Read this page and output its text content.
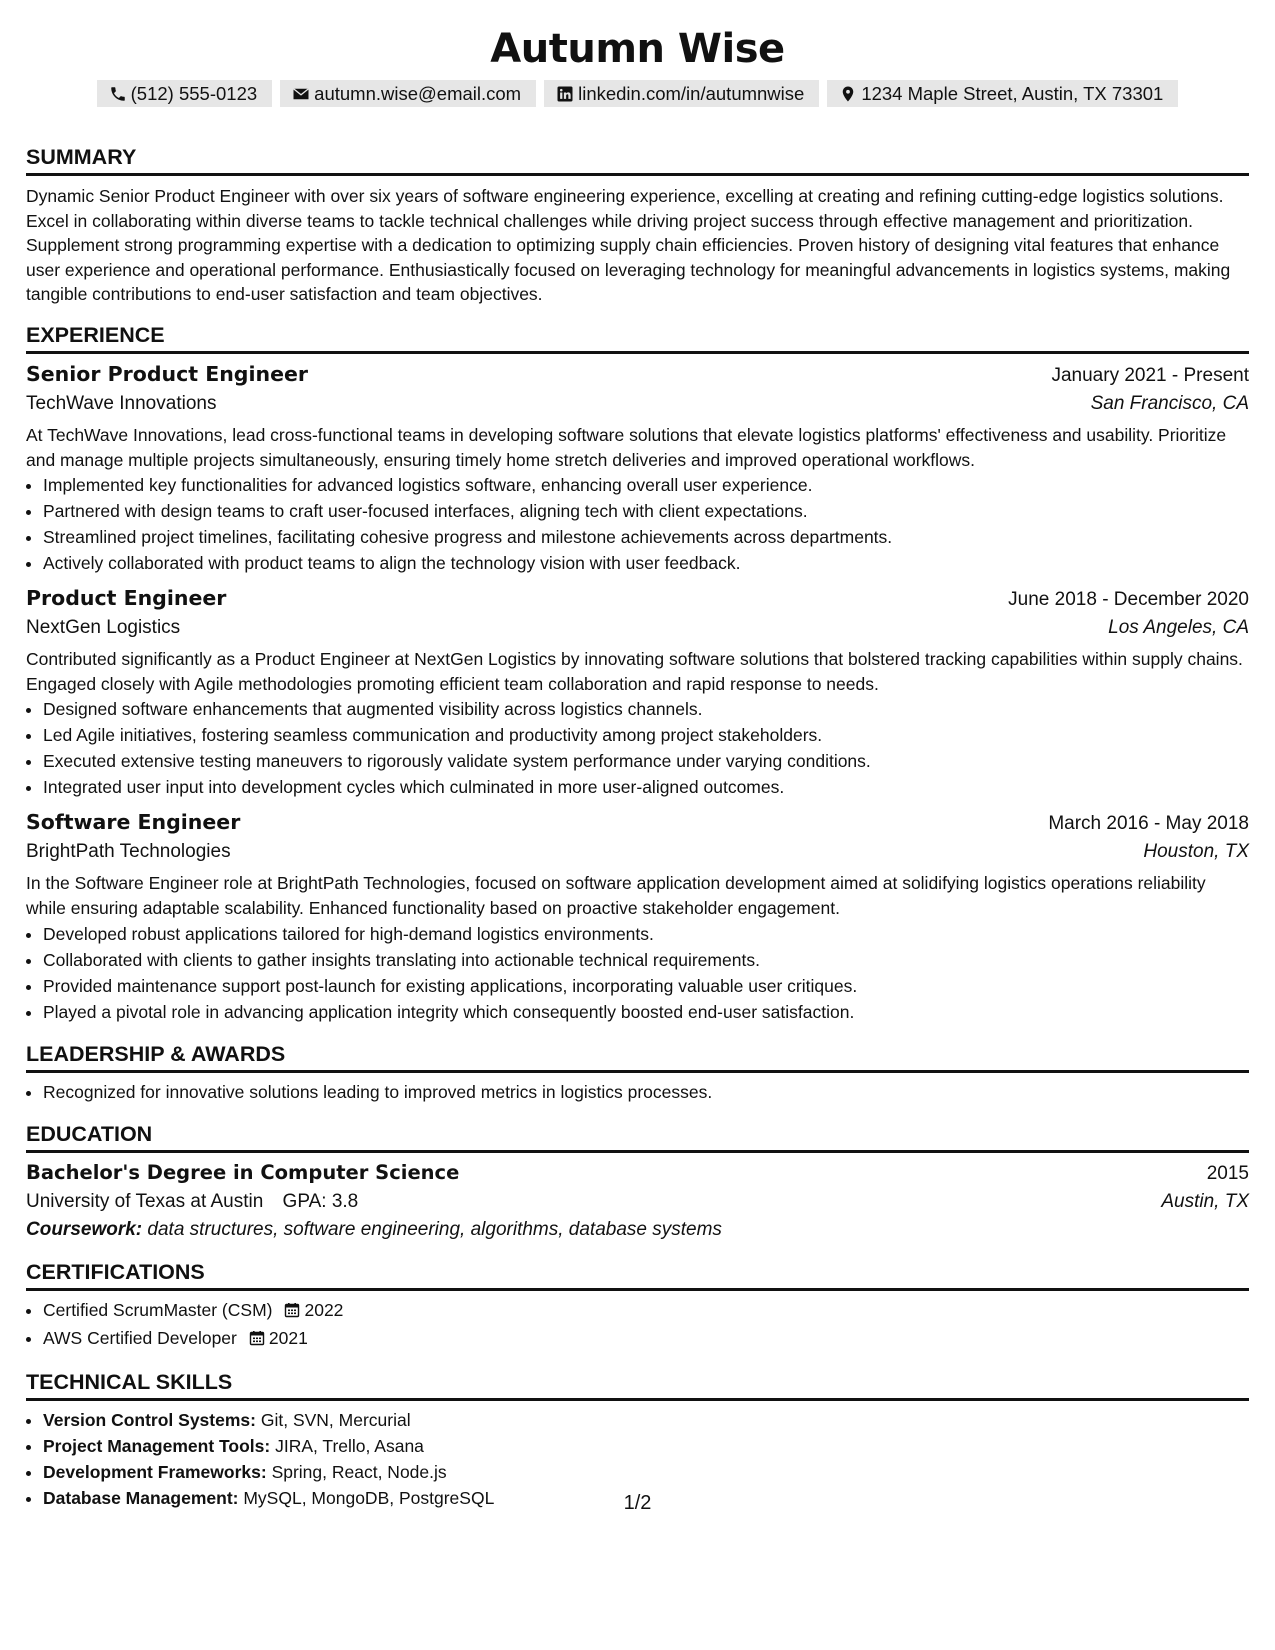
Autumn Wise
(512) 555-0123	autumn.wise@email.com	linkedin.com/in/autumnwise	1234 Maple Street, Austin, TX 73301
SUMMARY

Dynamic Senior Product Engineer with over six years of software engineering experience, excelling at creating and refining cutting-edge logistics solutions. Excel in collaborating within diverse teams to tackle technical challenges while driving project success through effective management and prioritization. Supplement strong programming expertise with a dedication to optimizing supply chain efficiencies. Proven history of designing vital features that enhance user experience and operational performance. Enthusiastically focused on leveraging technology for meaningful advancements in logistics systems, making tangible contributions to end-user satisfaction and team objectives.

EXPERIENCE
Senior Product Engineer	January 2021 - Present
TechWave Innovations	San Francisco, CA

At TechWave Innovations, lead cross-functional teams in developing software solutions that elevate logistics platforms' effectiveness and usability. Prioritize and manage multiple projects simultaneously, ensuring timely home stretch deliveries and improved operational workflows.

• Implemented key functionalities for advanced logistics software, enhancing overall user experience.
• Partnered with design teams to craft user-focused interfaces, aligning tech with client expectations.
• Streamlined project timelines, facilitating cohesive progress and milestone achievements across departments.
• Actively collaborated with product teams to align the technology vision with user feedback.
Product Engineer	June 2018 - December 2020
NextGen Logistics	Los Angeles, CA

Contributed significantly as a Product Engineer at NextGen Logistics by innovating software solutions that bolstered tracking capabilities within supply chains. Engaged closely with Agile methodologies promoting efficient team collaboration and rapid response to needs.

• Designed software enhancements that augmented visibility across logistics channels.
• Led Agile initiatives, fostering seamless communication and productivity among project stakeholders.
• Executed extensive testing maneuvers to rigorously validate system performance under varying conditions.
• Integrated user input into development cycles which culminated in more user-aligned outcomes.
Software Engineer	March 2016 - May 2018
BrightPath Technologies	Houston, TX

In the Software Engineer role at BrightPath Technologies, focused on software application development aimed at solidifying logistics operations reliability while ensuring adaptable scalability. Enhanced functionality based on proactive stakeholder engagement.

• Developed robust applications tailored for high-demand logistics environments.
• Collaborated with clients to gather insights translating into actionable technical requirements.
• Provided maintenance support post-launch for existing applications, incorporating valuable user critiques.
• Played a pivotal role in advancing application integrity which consequently boosted end-user satisfaction.
LEADERSHIP & AWARDS
• Recognized for innovative solutions leading to improved metrics in logistics processes.
EDUCATION
Bachelor's Degree in Computer Science	2015
University of Texas at Austin GPA: 3.8	Austin, TX
Coursework: data structures, software engineering, algorithms, database systems
CERTIFICATIONS
• Certified ScrumMaster (CSM) 2022
• AWS Certified Developer 2021
TECHNICAL SKILLS
• Version Control Systems: Git, SVN, Mercurial
• Project Management Tools: JIRA, Trello, Asana
• Development Frameworks: Spring, React, Node.js
• Database Management: MySQL, MongoDB, PostgreSQL	1/2
